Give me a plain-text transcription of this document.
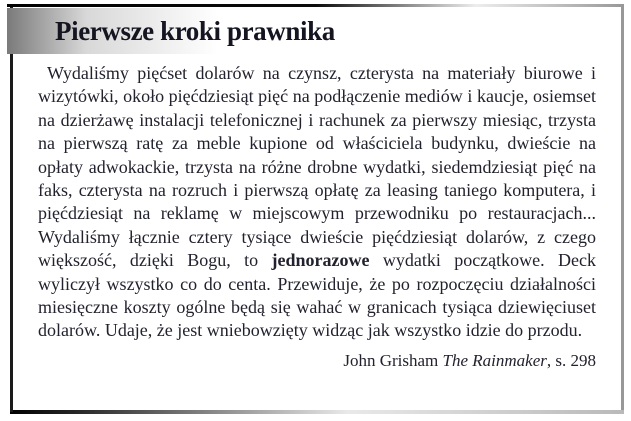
Pierwsze kroki prawnika

Wydaliśmy pięćset dolarów na czynsz, czterysta na materiały biurowe i wizytówki, około pięćdziesiąt pięć na podłączenie mediów i kaucje, osiemset na dzierżawę instalacji telefonicznej i rachunek za pierwszy miesiąc, trzysta na pierwszą ratę za meble kupione od właściciela budynku, dwieście na opłaty adwokackie, trzysta na różne drobne wydatki, siedemdziesiąt pięć na faks, czterysta na rozruch i pierwszą opłatę za leasing taniego komputera, i pięćdziesiąt na reklamę w miejscowym przewodniku po restauracjach... Wydaliśmy łącznie cztery tysiące dwieście pięćdziesiąt dolarów, z czego większość, dzięki Bogu, to jednorazowe wydatki początkowe. Deck wyliczył wszystko co do centa. Przewiduje, że po rozpoczęciu działalności miesięczne koszty ogólne będą się wahać w granicach tysiąca dziewięciuset dolarów. Udaje, że jest wniebowzięty widząc jak wszystko idzie do przodu.

John Grisham The Rainmaker, s. 298
